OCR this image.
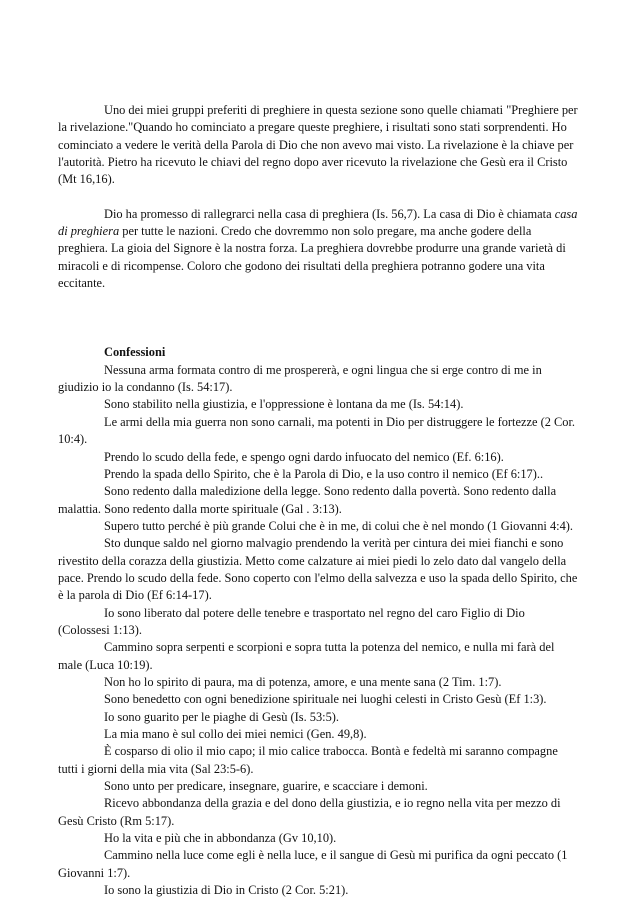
Uno dei miei gruppi preferiti di preghiere in questa sezione sono quelle chiamati "Preghiere per la rivelazione."Quando ho cominciato a pregare queste preghiere, i risultati sono stati sorprendenti. Ho cominciato a vedere le verità della Parola di Dio che non avevo mai visto. La rivelazione è la chiave per l'autorità. Pietro ha ricevuto le chiavi del regno dopo aver ricevuto la rivelazione che Gesù era il Cristo (Mt 16,16).

Dio ha promesso di rallegrarci nella casa di preghiera (Is. 56,7). La casa di Dio è chiamata casa di preghiera per tutte le nazioni. Credo che dovremmo non solo pregare, ma anche godere della preghiera. La gioia del Signore è la nostra forza. La preghiera dovrebbe produrre una grande varietà di miracoli e di ricompense. Coloro che godono dei risultati della preghiera potranno godere una vita eccitante.

Confessioni

Nessuna arma formata contro di me prospererà, e ogni lingua che si erge contro di me in giudizio io la condanno (Is. 54:17).

Sono stabilito nella giustizia, e l'oppressione è lontana da me (Is. 54:14).

Le armi della mia guerra non sono carnali, ma potenti in Dio per distruggere le fortezze (2 Cor. 10:4).

Prendo lo scudo della fede, e spengo ogni dardo infuocato del nemico (Ef. 6:16).

Prendo la spada dello Spirito, che è la Parola di Dio, e la uso contro il nemico (Ef 6:17)..

Sono redento dalla maledizione della legge. Sono redento dalla povertà. Sono redento dalla malattia. Sono redento dalla morte spirituale (Gal . 3:13).

Supero tutto perché è più grande Colui che è in me, di colui che è nel mondo (1 Giovanni 4:4).

Sto dunque saldo nel giorno malvagio prendendo la verità per cintura dei miei fianchi e sono rivestito della corazza della giustizia. Metto come calzature ai miei piedi lo zelo dato dal vangelo della pace. Prendo lo scudo della fede. Sono coperto con l'elmo della salvezza e uso la spada dello Spirito, che è la parola di Dio (Ef 6:14-17).

Io sono liberato dal potere delle tenebre e trasportato nel regno del caro Figlio di Dio (Colossesi 1:13).

Cammino sopra serpenti e scorpioni e sopra tutta la potenza del nemico, e nulla mi farà del male (Luca 10:19).

Non ho lo spirito di paura, ma di potenza, amore, e una mente sana (2 Tim. 1:7).

Sono benedetto con ogni benedizione spirituale nei luoghi celesti in Cristo Gesù (Ef 1:3).

Io sono guarito per le piaghe di Gesù (Is. 53:5).

La mia mano è sul collo dei miei nemici (Gen. 49,8).

È cosparso di olio il mio capo; il mio calice trabocca. Bontà e fedeltà mi saranno compagne tutti i giorni della mia vita (Sal 23:5-6).

Sono unto per predicare, insegnare, guarire, e scacciare i demoni.

Ricevo abbondanza della grazia e del dono della giustizia, e io regno nella vita per mezzo di Gesù Cristo (Rm 5:17).

Ho la vita e più che in abbondanza (Gv 10,10).

Cammino nella luce come egli è nella luce, e il sangue di Gesù mi purifica da ogni peccato (1 Giovanni 1:7).

Io sono la giustizia di Dio in Cristo (2 Cor. 5:21).
